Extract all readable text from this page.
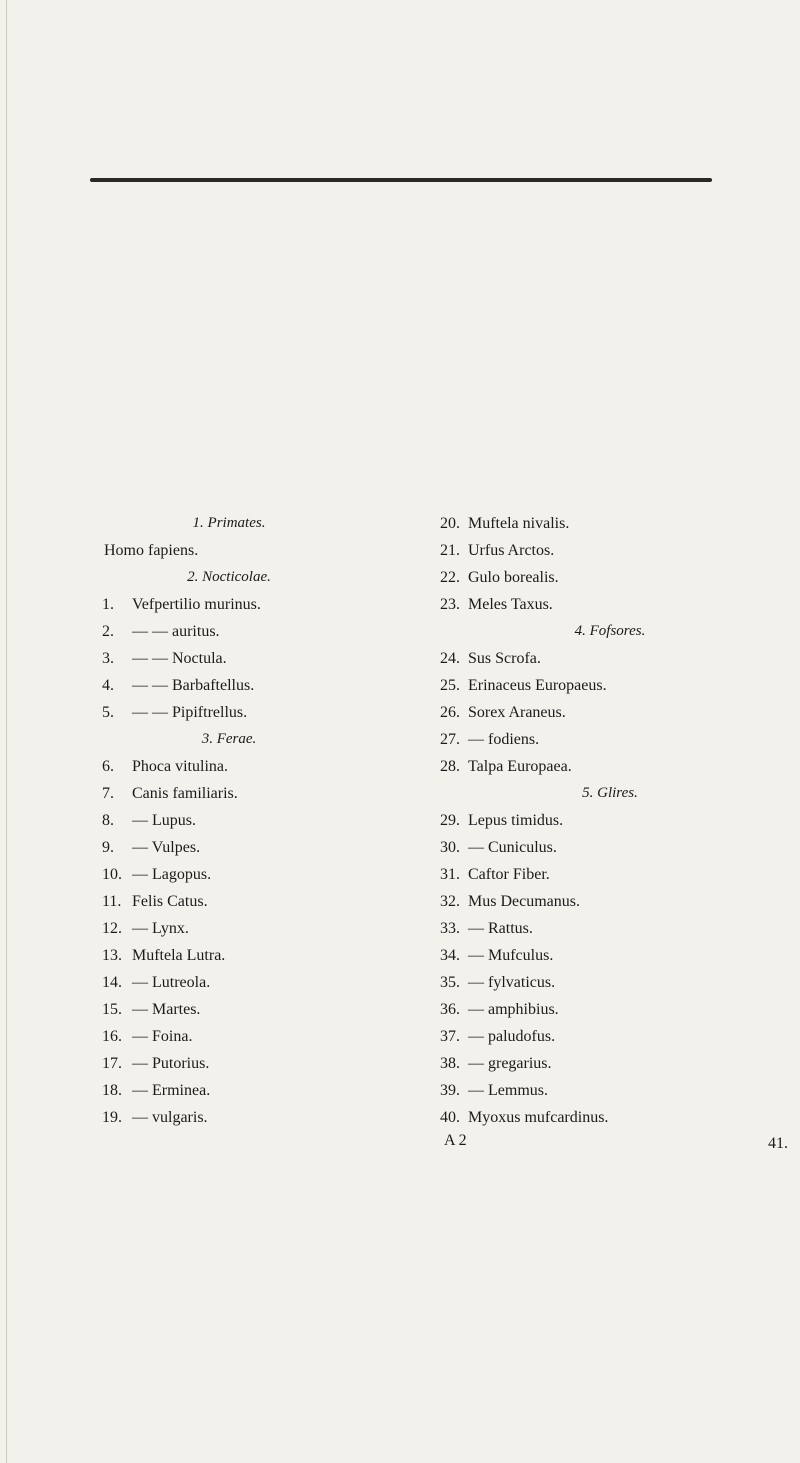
1. Primates.
Homo fapiens.
2. Nocticolae.
1. Vefpertilio murinus.
2. — — auritus.
3. — — Noctula.
4. — — Barbaftellus.
5. — — Pipiftrellus.
3. Ferae.
6. Phoca vitulina.
7. Canis familiaris.
8. — Lupus.
9. — Vulpes.
10. — Lagopus.
11. Felis Catus.
12. — Lynx.
13. Muftela Lutra.
14. — Lutreola.
15. — Martes.
16. — Foina.
17. — Putorius.
18. — Erminea.
19. — vulgaris.
20. Muftela nivalis.
21. Urfus Arctos.
22. Gulo borealis.
23. Meles Taxus.
4. Fofsores.
24. Sus Scrofa.
25. Erinaceus Europaeus.
26. Sorex Araneus.
27. — fodiens.
28. Talpa Europaea.
5. Glires.
29. Lepus timidus.
30. — Cuniculus.
31. Caftor Fiber.
32. Mus Decumanus.
33. — Rattus.
34. — Mufculus.
35. — fylvaticus.
36. — amphibius.
37. — paludofus.
38. — gregarius.
39. — Lemmus.
40. Myoxus mufcardinus.
A 2	41.
